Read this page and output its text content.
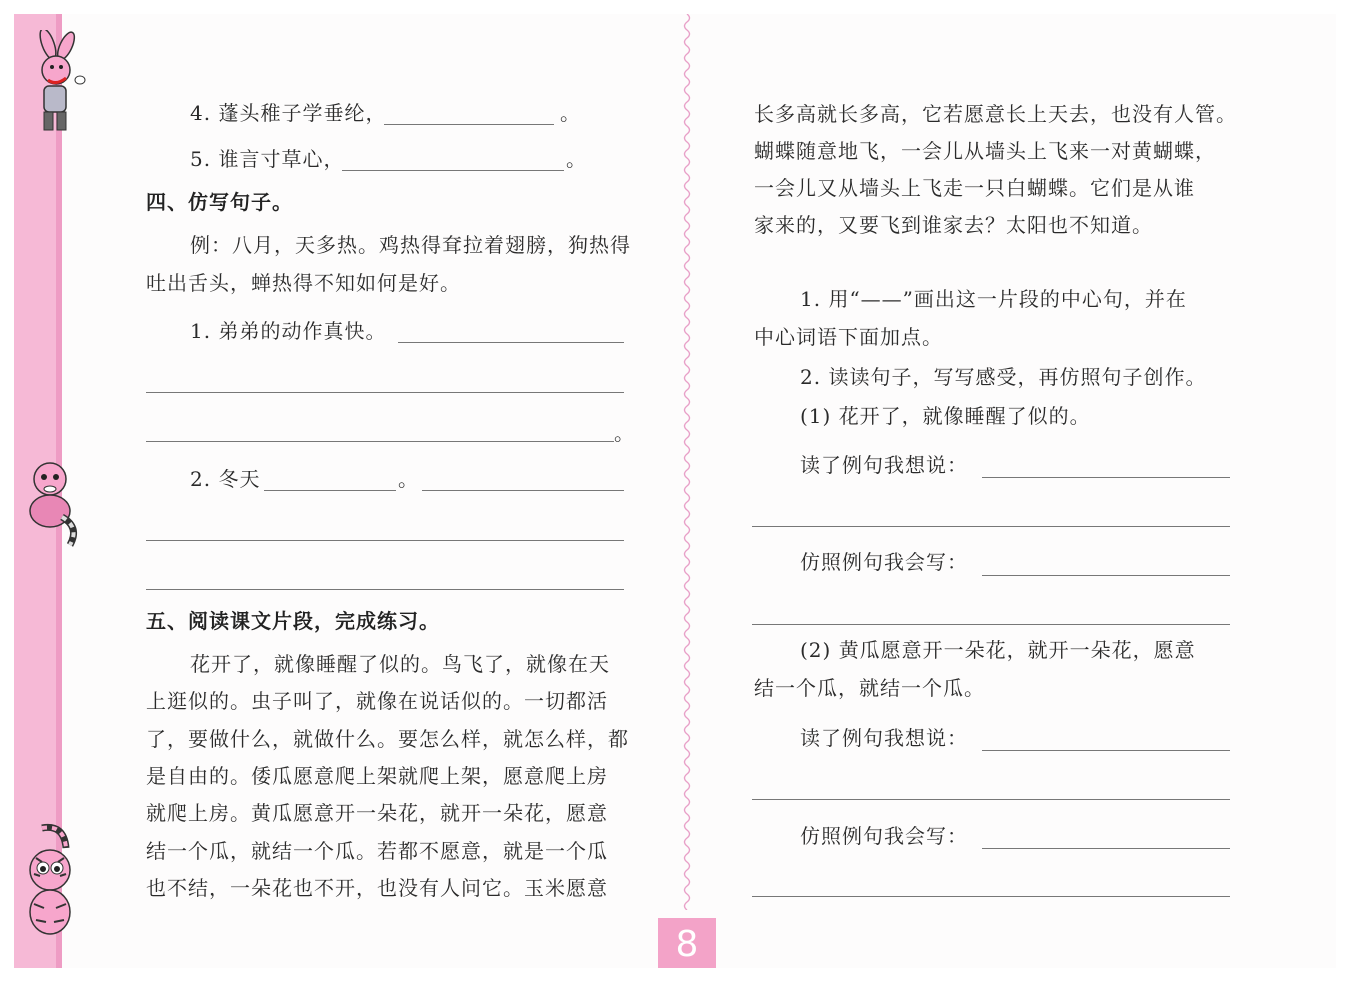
8
4. 蓬头稚子学垂纶，	。
5. 谁言寸草心，	。
四、仿写句子。
例：八月，天多热。鸡热得耷拉着翅膀，狗热得
吐出舌头，蝉热得不知如何是好。
1. 弟弟的动作真快。
。
2. 冬天	。
五、阅读课文片段，完成练习。
花开了，就像睡醒了似的。鸟飞了，就像在天
上逛似的。虫子叫了，就像在说话似的。一切都活
了，要做什么，就做什么。要怎么样，就怎么样，都
是自由的。倭瓜愿意爬上架就爬上架，愿意爬上房
就爬上房。黄瓜愿意开一朵花，就开一朵花，愿意
结一个瓜，就结一个瓜。若都不愿意，就是一个瓜
也不结，一朵花也不开，也没有人问它。玉米愿意
长多高就长多高，它若愿意长上天去，也没有人管。
蝴蝶随意地飞，一会儿从墙头上飞来一对黄蝴蝶，
一会儿又从墙头上飞走一只白蝴蝶。它们是从谁
家来的，又要飞到谁家去？太阳也不知道。
1. 用“——”画出这一片段的中心句，并在
中心词语下面加点。
2. 读读句子，写写感受，再仿照句子创作。
(1) 花开了，就像睡醒了似的。
读了例句我想说：
仿照例句我会写：
(2) 黄瓜愿意开一朵花，就开一朵花，愿意
结一个瓜，就结一个瓜。
读了例句我想说：
仿照例句我会写：
